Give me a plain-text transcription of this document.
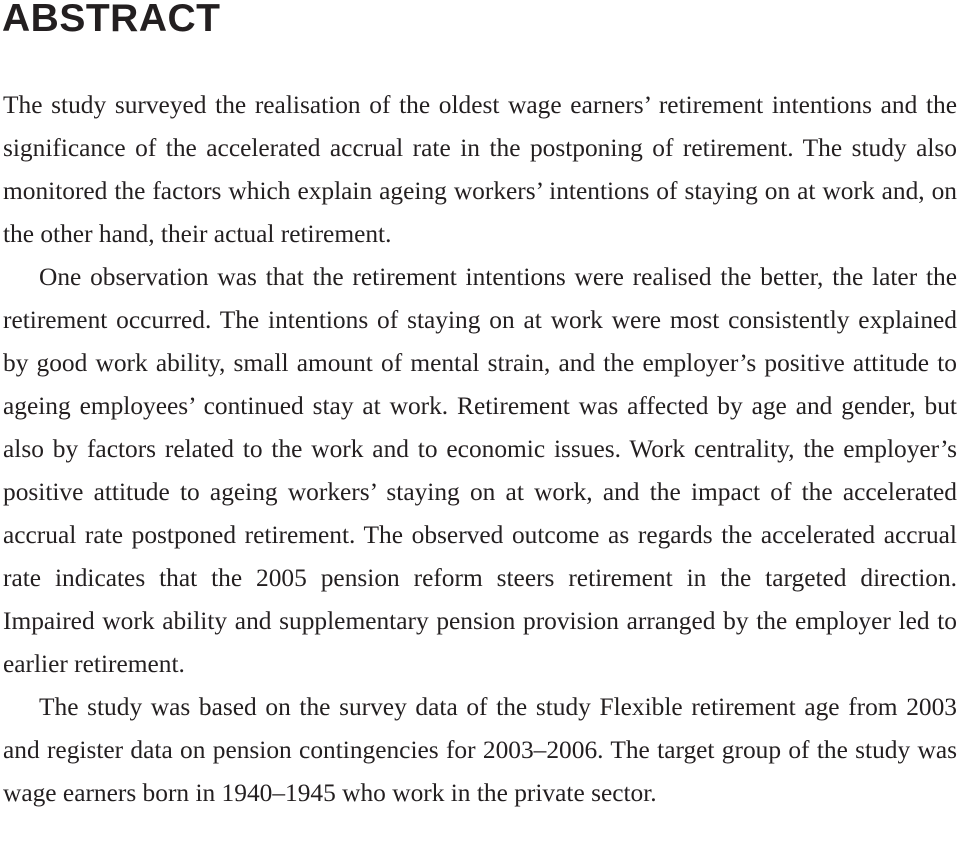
ABSTRACT

The study surveyed the realisation of the oldest wage earners’ retirement intentions and the significance of the accelerated accrual rate in the postponing of retirement. The study also monitored the factors which explain ageing workers’ intentions of staying on at work and, on the other hand, their actual retirement.

One observation was that the retirement intentions were realised the better, the later the retirement occurred. The intentions of staying on at work were most consistently explained by good work ability, small amount of mental strain, and the employer’s positive attitude to ageing employees’ continued stay at work. Retirement was affected by age and gender, but also by factors related to the work and to economic issues. Work centrality, the employer’s positive attitude to ageing workers’ staying on at work, and the impact of the accelerated accrual rate postponed retirement. The observed outcome as regards the accelerated accrual rate indicates that the 2005 pension reform steers retirement in the targeted direction. Impaired work ability and supplementary pension provision arranged by the employer led to earlier retirement.

The study was based on the survey data of the study Flexible retirement age from 2003 and register data on pension contingencies for 2003–2006. The target group of the study was wage earners born in 1940–1945 who work in the private sector.
